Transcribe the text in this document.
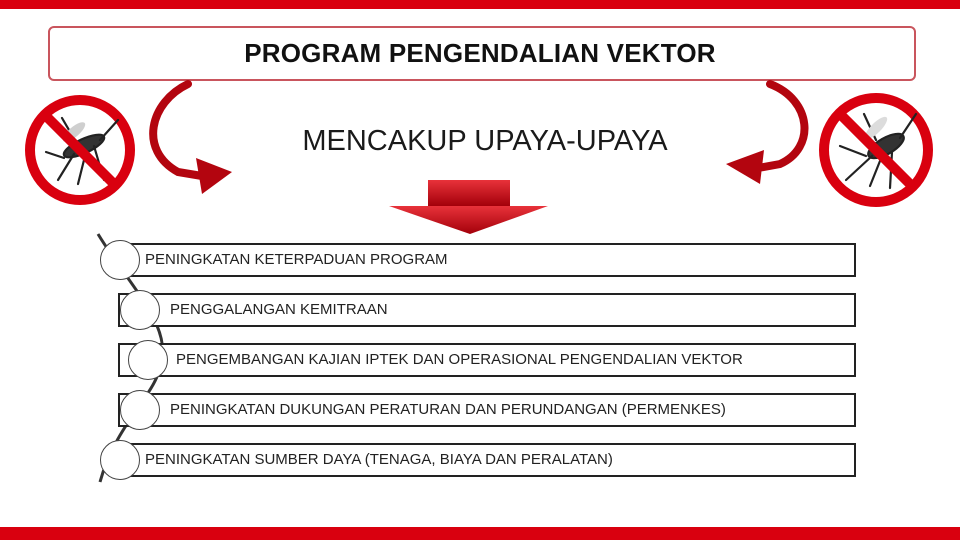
PROGRAM PENGENDALIAN VEKTOR
MENCAKUP UPAYA-UPAYA
PENINGKATAN KETERPADUAN PROGRAM
PENGGALANGAN KEMITRAAN
PENGEMBANGAN KAJIAN IPTEK DAN OPERASIONAL PENGENDALIAN VEKTOR
PENINGKATAN DUKUNGAN PERATURAN DAN PERUNDANGAN (PERMENKES)
PENINGKATAN SUMBER DAYA (TENAGA, BIAYA DAN PERALATAN)
